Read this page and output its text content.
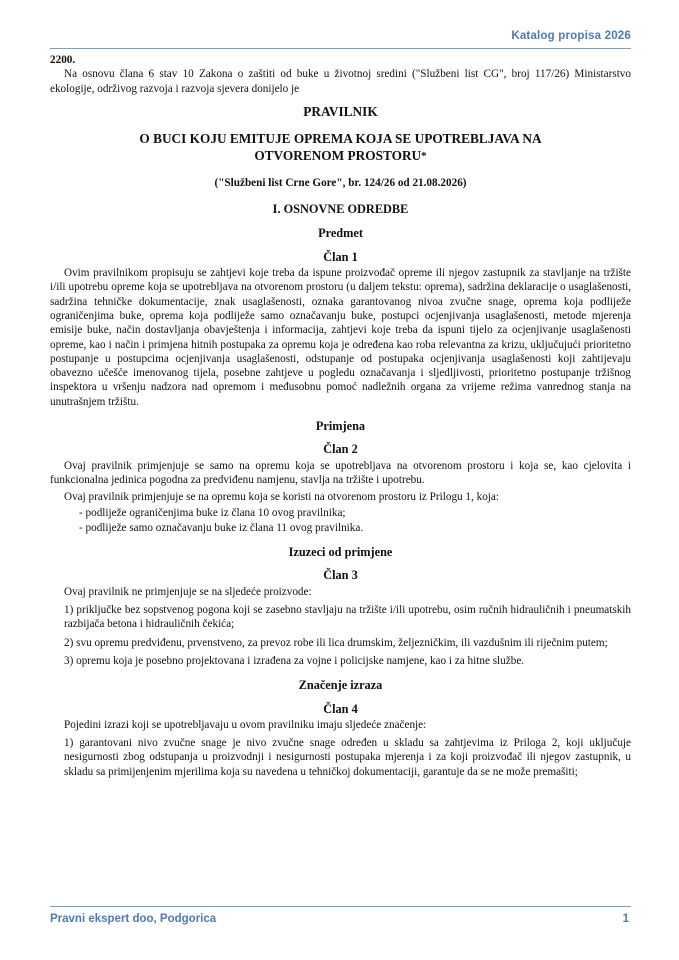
Katalog propisa 2026

2200.

Na osnovu člana 6 stav 10 Zakona o zaštiti od buke u životnoj sredini ("Službeni list CG", broj 117/26) Ministarstvo ekologije, održivog razvoja i razvoja sjevera donijelo je

PRAVILNIK

O BUCI KOJU EMITUJE OPREMA KOJA SE UPOTREBLJAVA NA OTVORENOM PROSTORU*

("Službeni list Crne Gore", br. 124/26 od 21.08.2026)

I. OSNOVNE ODREDBE

Predmet

Član 1

Ovim pravilnikom propisuju se zahtjevi koje treba da ispune proizvođač opreme ili njegov zastupnik za stavljanje na tržište i/ili upotrebu opreme koja se upotrebljava na otvorenom prostoru (u daljem tekstu: oprema), sadržina deklaracije o usaglašenosti, sadržina tehničke dokumentacije, znak usaglašenosti, oznaka garantovanog nivoa zvučne snage, oprema koja podliježe ograničenjima buke, oprema koja podliježe samo označavanju buke, postupci ocjenjivanja usaglašenosti, metode mjerenja emisije buke, način dostavljanja obavještenja i informacija, zahtjevi koje treba da ispuni tijelo za ocjenjivanje usaglašenosti opreme, kao i način i primjena hitnih postupaka za opremu koja je određena kao roba relevantna za krizu, uključujući prioritetno postupanje u postupcima ocjenjivanja usaglašenosti, odstupanje od postupaka ocjenjivanja usaglašenosti koji zahtijevaju obavezno učešće imenovanog tijela, posebne zahtjeve u pogledu označavanja i sljedljivosti, prioritetno postupanje tržišnog inspektora u vršenju nadzora nad opremom i međusobnu pomoć nadležnih organa za vrijeme režima vanrednog stanja na unutrašnjem tržištu.

Primjena

Član 2

Ovaj pravilnik primjenjuje se samo na opremu koja se upotrebljava na otvorenom prostoru i koja se, kao cjelovita i funkcionalna jedinica pogodna za predviđenu namjenu, stavlja na tržište i upotrebu.

Ovaj pravilnik primjenjuje se na opremu koja se koristi na otvorenom prostoru iz Prilogu 1, koja:

- podliježe ograničenjima buke iz člana 10 ovog pravilnika;

- podliježe samo označavanju buke iz člana 11 ovog pravilnika.

Izuzeci od primjene

Član 3

Ovaj pravilnik ne primjenjuje se na sljedeće proizvode:

1) priključke bez sopstvenog pogona koji se zasebno stavljaju na tržište i/ili upotrebu, osim ručnih hidrauličnih i pneumatskih razbijača betona i hidrauličnih čekića;

2) svu opremu predviđenu, prvenstveno, za prevoz robe ili lica drumskim, željezničkim, ili vazdušnim ili riječnim putem;

3) opremu koja je posebno projektovana i izrađena za vojne i policijske namjene, kao i za hitne službe.

Značenje izraza

Član 4

Pojedini izrazi koji se upotrebljavaju u ovom pravilniku imaju sljedeće značenje:

1) garantovani nivo zvučne snage je nivo zvučne snage određen u skladu sa zahtjevima iz Priloga 2, koji uključuje nesigurnosti zbog odstupanja u proizvodnji i nesigurnosti postupaka mjerenja i za koji proizvođač ili njegov zastupnik, u skladu sa primijenjenim mjerilima koja su navedena u tehničkoj dokumentaciji, garantuje da se ne može premašiti;

Pravni ekspert doo, Podgorica	1
